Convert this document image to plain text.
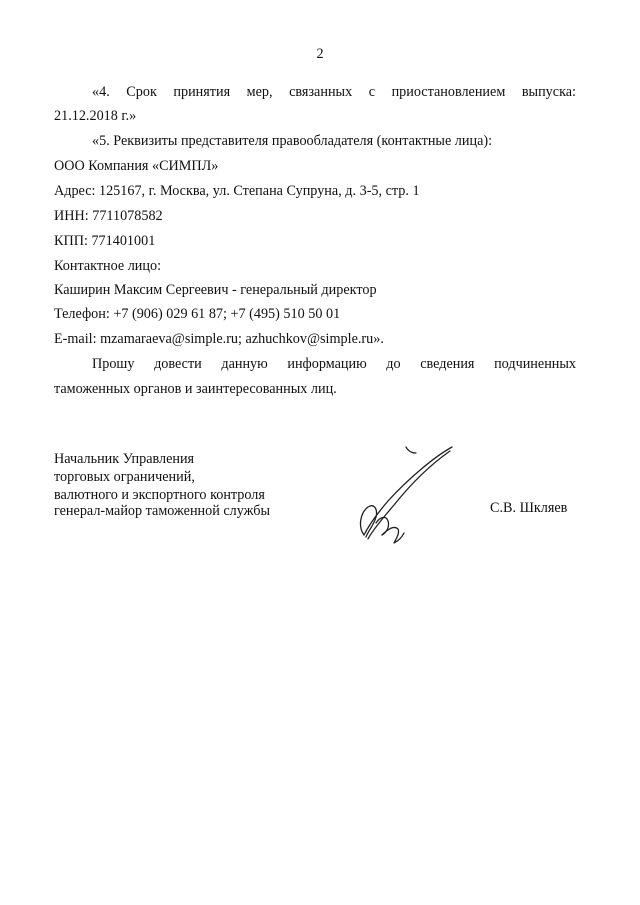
2
«4. Срок принятия мер, связанных с приостановлением выпуска:
21.12.2018 г.»
«5. Реквизиты представителя правообладателя (контактные лица):
ООО Компания «СИМПЛ»
Адрес: 125167, г. Москва, ул. Степана Супруна, д. 3-5, стр. 1
ИНН: 7711078582
КПП: 771401001
Контактное лицо:
Каширин Максим Сергеевич - генеральный директор
Телефон: +7 (906) 029 61 87; +7 (495) 510 50 01
E-mail: mzamaraeva@simple.ru; azhuchkov@simple.ru».
Прошу довести данную информацию до сведения подчиненных
таможенных органов и заинтересованных лиц.
Начальник Управления
торговых ограничений,
валютного и экспортного контроля
генерал-майор таможенной службы	С.В. Шкляев
